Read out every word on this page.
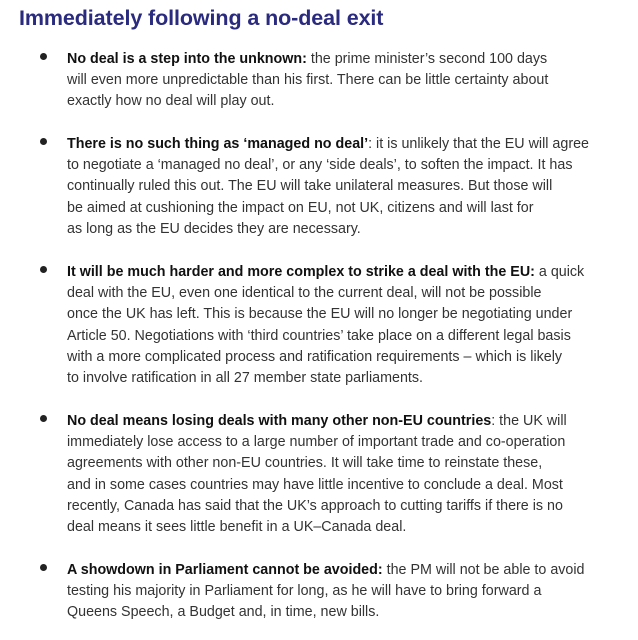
Immediately following a no-deal exit

No deal is a step into the unknown: the prime minister’s second 100 days
will even more unpredictable than his first. There can be little certainty about
exactly how no deal will play out.

There is no such thing as ‘managed no deal’: it is unlikely that the EU will agree
to negotiate a ‘managed no deal’, or any ‘side deals’, to soften the impact. It has
continually ruled this out. The EU will take unilateral measures. But those will
be aimed at cushioning the impact on EU, not UK, citizens and will last for
as long as the EU decides they are necessary.

It will be much harder and more complex to strike a deal with the EU: a quick
deal with the EU, even one identical to the current deal, will not be possible
once the UK has left. This is because the EU will no longer be negotiating under
Article 50. Negotiations with ‘third countries’ take place on a different legal basis
with a more complicated process and ratification requirements – which is likely
to involve ratification in all 27 member state parliaments.

No deal means losing deals with many other non-EU countries: the UK will
immediately lose access to a large number of important trade and co-operation
agreements with other non-EU countries. It will take time to reinstate these,
and in some cases countries may have little incentive to conclude a deal. Most
recently, Canada has said that the UK’s approach to cutting tariffs if there is no
deal means it sees little benefit in a UK–Canada deal.

A showdown in Parliament cannot be avoided: the PM will not be able to avoid
testing his majority in Parliament for long, as he will have to bring forward a
Queens Speech, a Budget and, in time, new bills.
